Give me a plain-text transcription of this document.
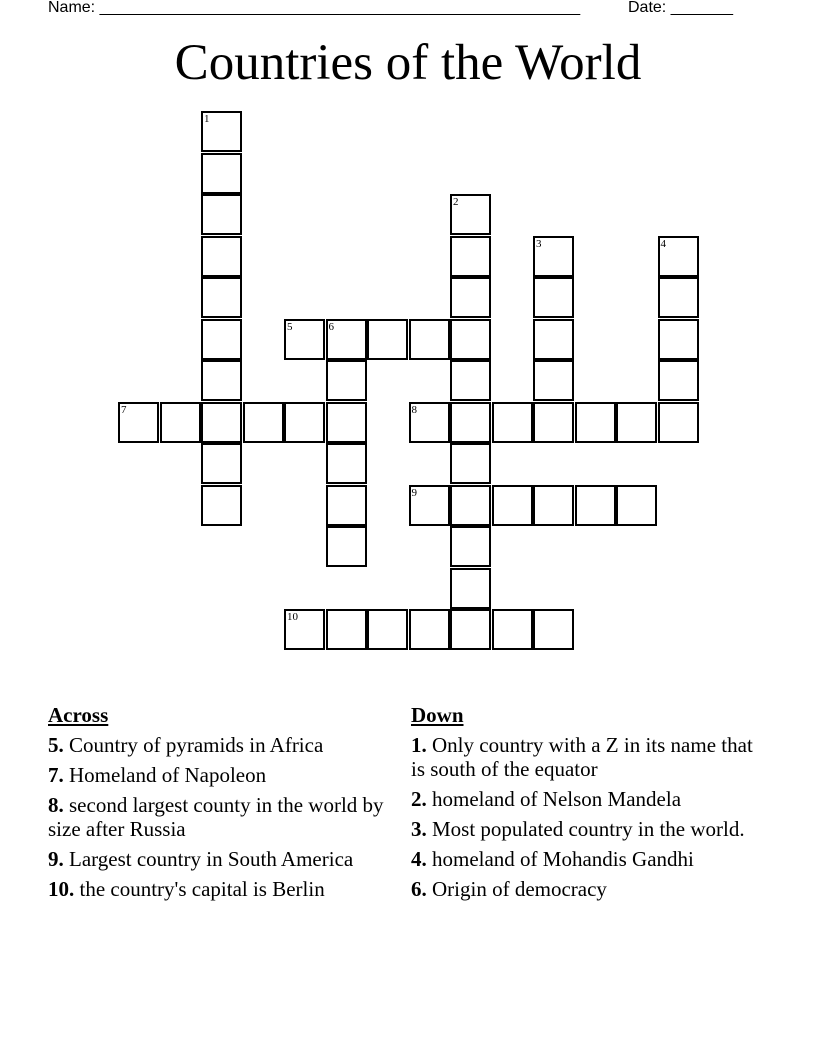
Name: ______________________________________________________	Date: _______
Countries of the World
1
2
3	4
5	6
7	8
9
10
Across
5. Country of pyramids in Africa
7. Homeland of Napoleon
8. second largest county in the world by size after Russia
9. Largest country in South America
10. the country's capital is Berlin
Down
1. Only country with a Z in its name that is south of the equator
2. homeland of Nelson Mandela
3. Most populated country in the world.
4. homeland of Mohandis Gandhi
6. Origin of democracy
